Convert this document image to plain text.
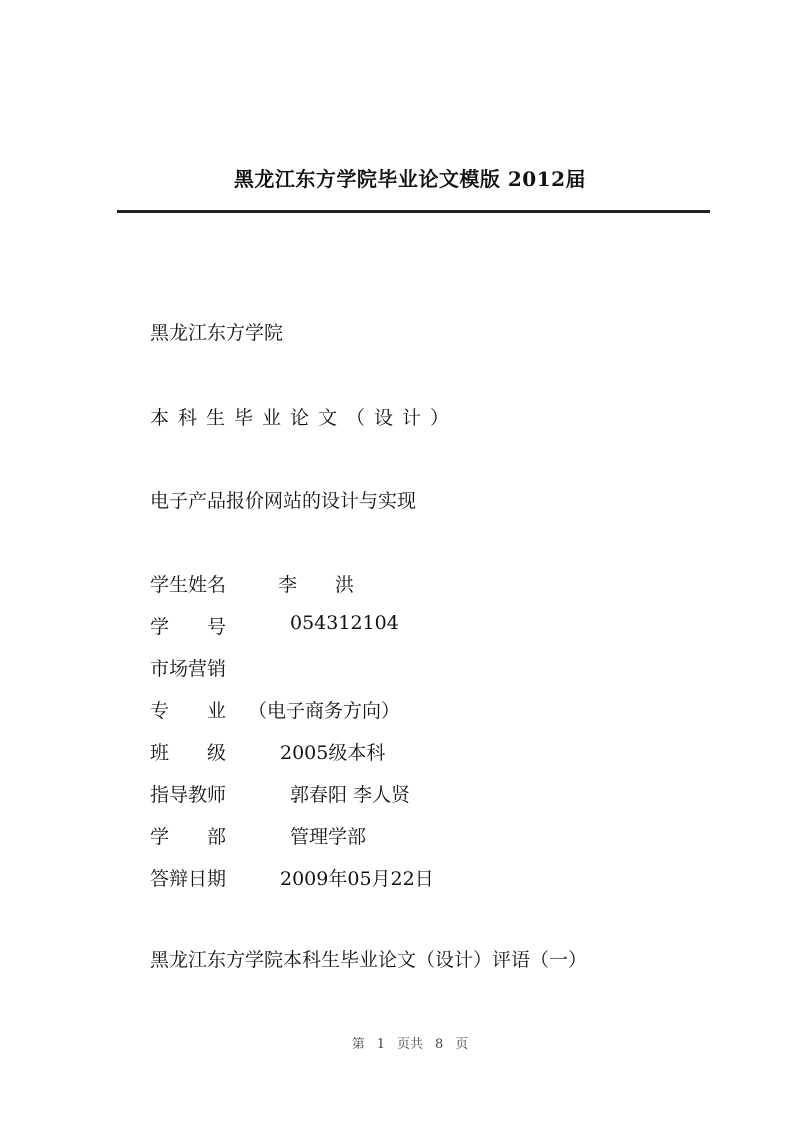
黑龙江东方学院毕业论文模版 2012届
黑龙江东方学院
本科生毕业论文（设计）
电子产品报价网站的设计与实现
学生姓名	李　　洪
学　　号	054312104
市场营销
专　　业 （电子商务方向）
班　　级	2005级本科
指导教师	郭春阳 李人贤
学　　部	管理学部
答辩日期	2009年05月22日
黑龙江东方学院本科生毕业论文（设计）评语（一）
第 1 页共 8 页
